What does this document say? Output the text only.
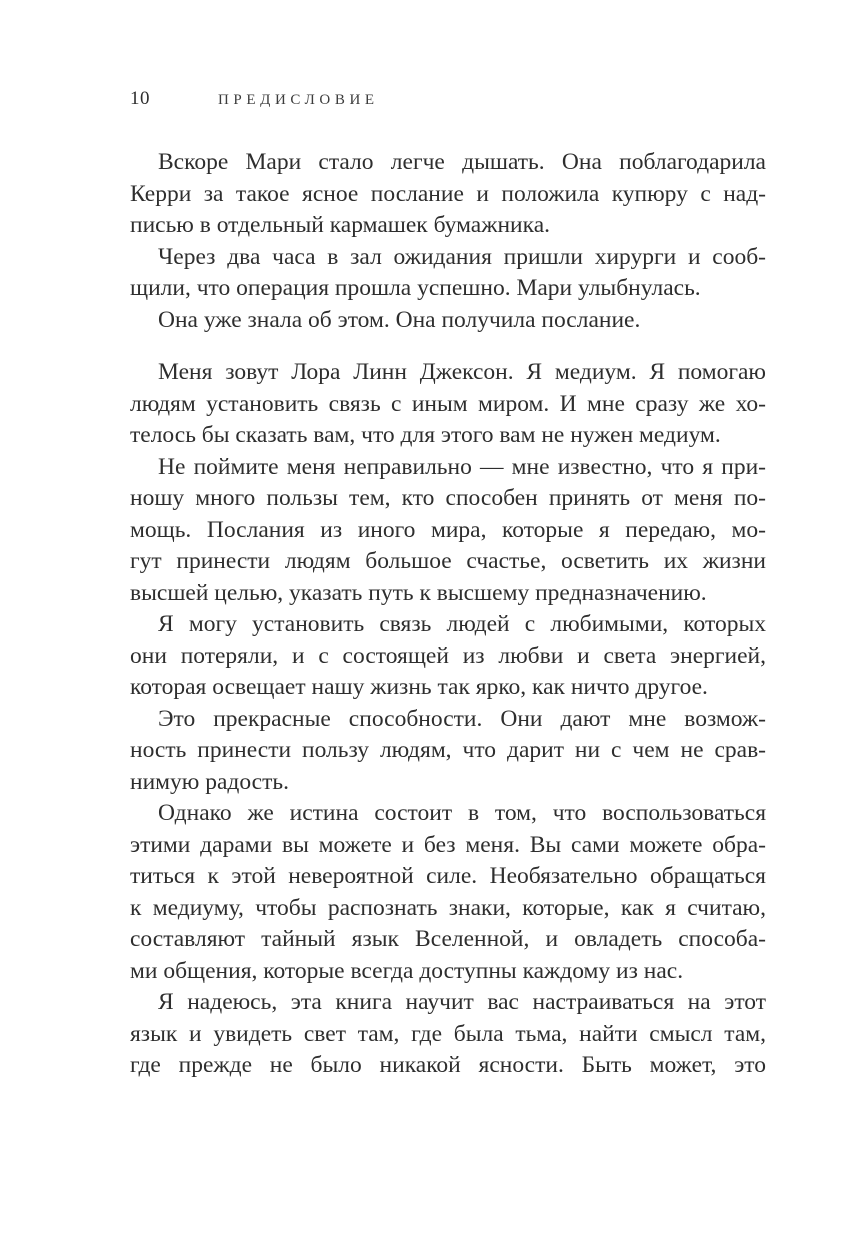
10	ПРЕДИСЛОВИЕ
Вскоре Мари стало легче дышать. Она поблагодарила
Керри за такое ясное послание и положила купюру с над-
писью в отдельный кармашек бумажника.
Через два часа в зал ожидания пришли хирурги и сооб-
щили, что операция прошла успешно. Мари улыбнулась.
Она уже знала об этом. Она получила послание.
Меня зовут Лора Линн Джексон. Я медиум. Я помогаю
людям установить связь с иным миром. И мне сразу же хо-
телось бы сказать вам, что для этого вам не нужен медиум.
Не поймите меня неправильно — мне известно, что я при-
ношу много пользы тем, кто способен принять от меня по-
мощь. Послания из иного мира, которые я передаю, мо-
гут принести людям большое счастье, осветить их жизни
высшей целью, указать путь к высшему предназначению.
Я могу установить связь людей с любимыми, которых
они потеряли, и с состоящей из любви и света энергией,
которая освещает нашу жизнь так ярко, как ничто другое.
Это прекрасные способности. Они дают мне возмож-
ность принести пользу людям, что дарит ни с чем не срав-
нимую радость.
Однако же истина состоит в том, что воспользоваться
этими дарами вы можете и без меня. Вы сами можете обра-
титься к этой невероятной силе. Необязательно обращаться
к медиуму, чтобы распознать знаки, которые, как я считаю,
составляют тайный язык Вселенной, и овладеть способа-
ми общения, которые всегда доступны каждому из нас.
Я надеюсь, эта книга научит вас настраиваться на этот
язык и увидеть свет там, где была тьма, найти смысл там,
где прежде не было никакой ясности. Быть может, это
